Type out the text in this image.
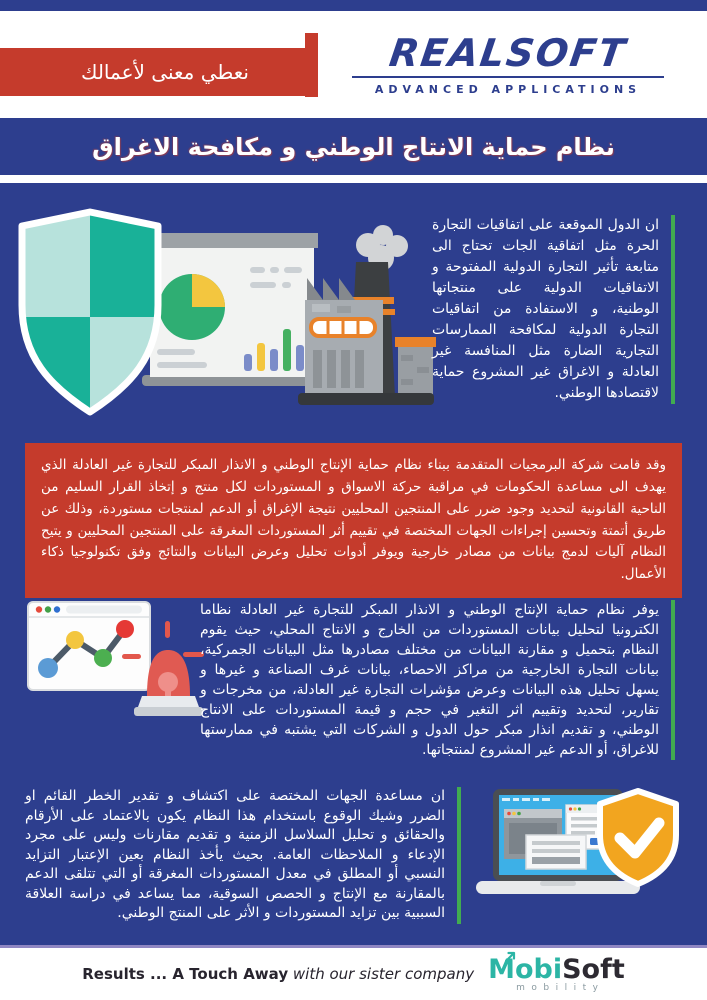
نعطي معنى لأعمالك	REALSOFT
ADVANCED APPLICATIONS
نظام حماية الانتاج الوطني و مكافحة الاغراق

ان الدول الموقعة على اتفاقيات التجارة الحرة مثل اتفاقية الجات تحتاج الى متابعة تأثير التجارة الدولية المفتوحة و الاتفاقيات الدولية على منتجاتها الوطنية، و الاستفادة من اتفاقيات التجارة الدولية لمكافحة الممارسات التجارية الضارة مثل المنافسة غير العادلة و الاغراق غير المشروع حماية لاقتصادها الوطني.

وقد قامت شركة البرمجيات المتقدمة ببناء نظام حماية الإنتاج الوطني و الانذار المبكر للتجارة غير العادلة الذي يهدف الى مساعدة الحكومات في مراقبة حركة الاسواق و المستوردات لكل منتج و إتخاذ القرار السليم من الناحية القانونية لتحديد وجود ضرر على المنتجين المحليين نتيجة الإغراق أو الدعم لمنتجات مستوردة، وذلك عن طريق أتمتة وتحسين إجراءات الجهات المختصة في تقييم أثر المستوردات المغرقة على المنتجين المحليين و يتيح النظام آليات لدمج بيانات من مصادر خارجية ويوفر أدوات تحليل وعرض البيانات والنتائج وفق تكنولوجيا ذكاء الأعمال.

يوفر نظام حماية الإنتاج الوطني و الانذار المبكر للتجارة غير العادلة نظاما الكترونيا لتحليل بيانات المستوردات من الخارج و الانتاج المحلي، حيث يقوم النظام بتحميل و مقارنة البيانات من مختلف مصادرها مثل البيانات الجمركية، بيانات التجارة الخارجية من مراكز الاحصاء، بيانات غرف الصناعة و غيرها و يسهل تحليل هذه البيانات وعرض مؤشرات التجارة غير العادلة، من مخرجات و تقارير، لتحديد وتقييم اثر التغير في حجم و قيمة المستوردات على الانتاج الوطني، و تقديم انذار مبكر حول الدول و الشركات التي يشتبه في ممارستها للاغراق، أو الدعم غير المشروع لمنتجاتها.

ان مساعدة الجهات المختصة على اكتشاف و تقدير الخطر القائم او الضرر وشيك الوقوع باستخدام هذا النظام يكون بالاعتماد على الأرقام والحقائق و تحليل السلاسل الزمنية و تقديم مقارنات وليس على مجرد الإدعاء و الملاحظات العامة. بحيث يأخذ النظام بعين الإعتبار التزايد النسبي أو المطلق في معدل المستوردات المغرقة أو التي تتلقى الدعم بالمقارنة مع الإنتاج و الحصص السوقية، مما يساعد في دراسة العلاقة السببية بين تزايد المستوردات و الأثر على المنتج الوطني.

Results ... A Touch Away with our sister company M obi Soft
mobility
